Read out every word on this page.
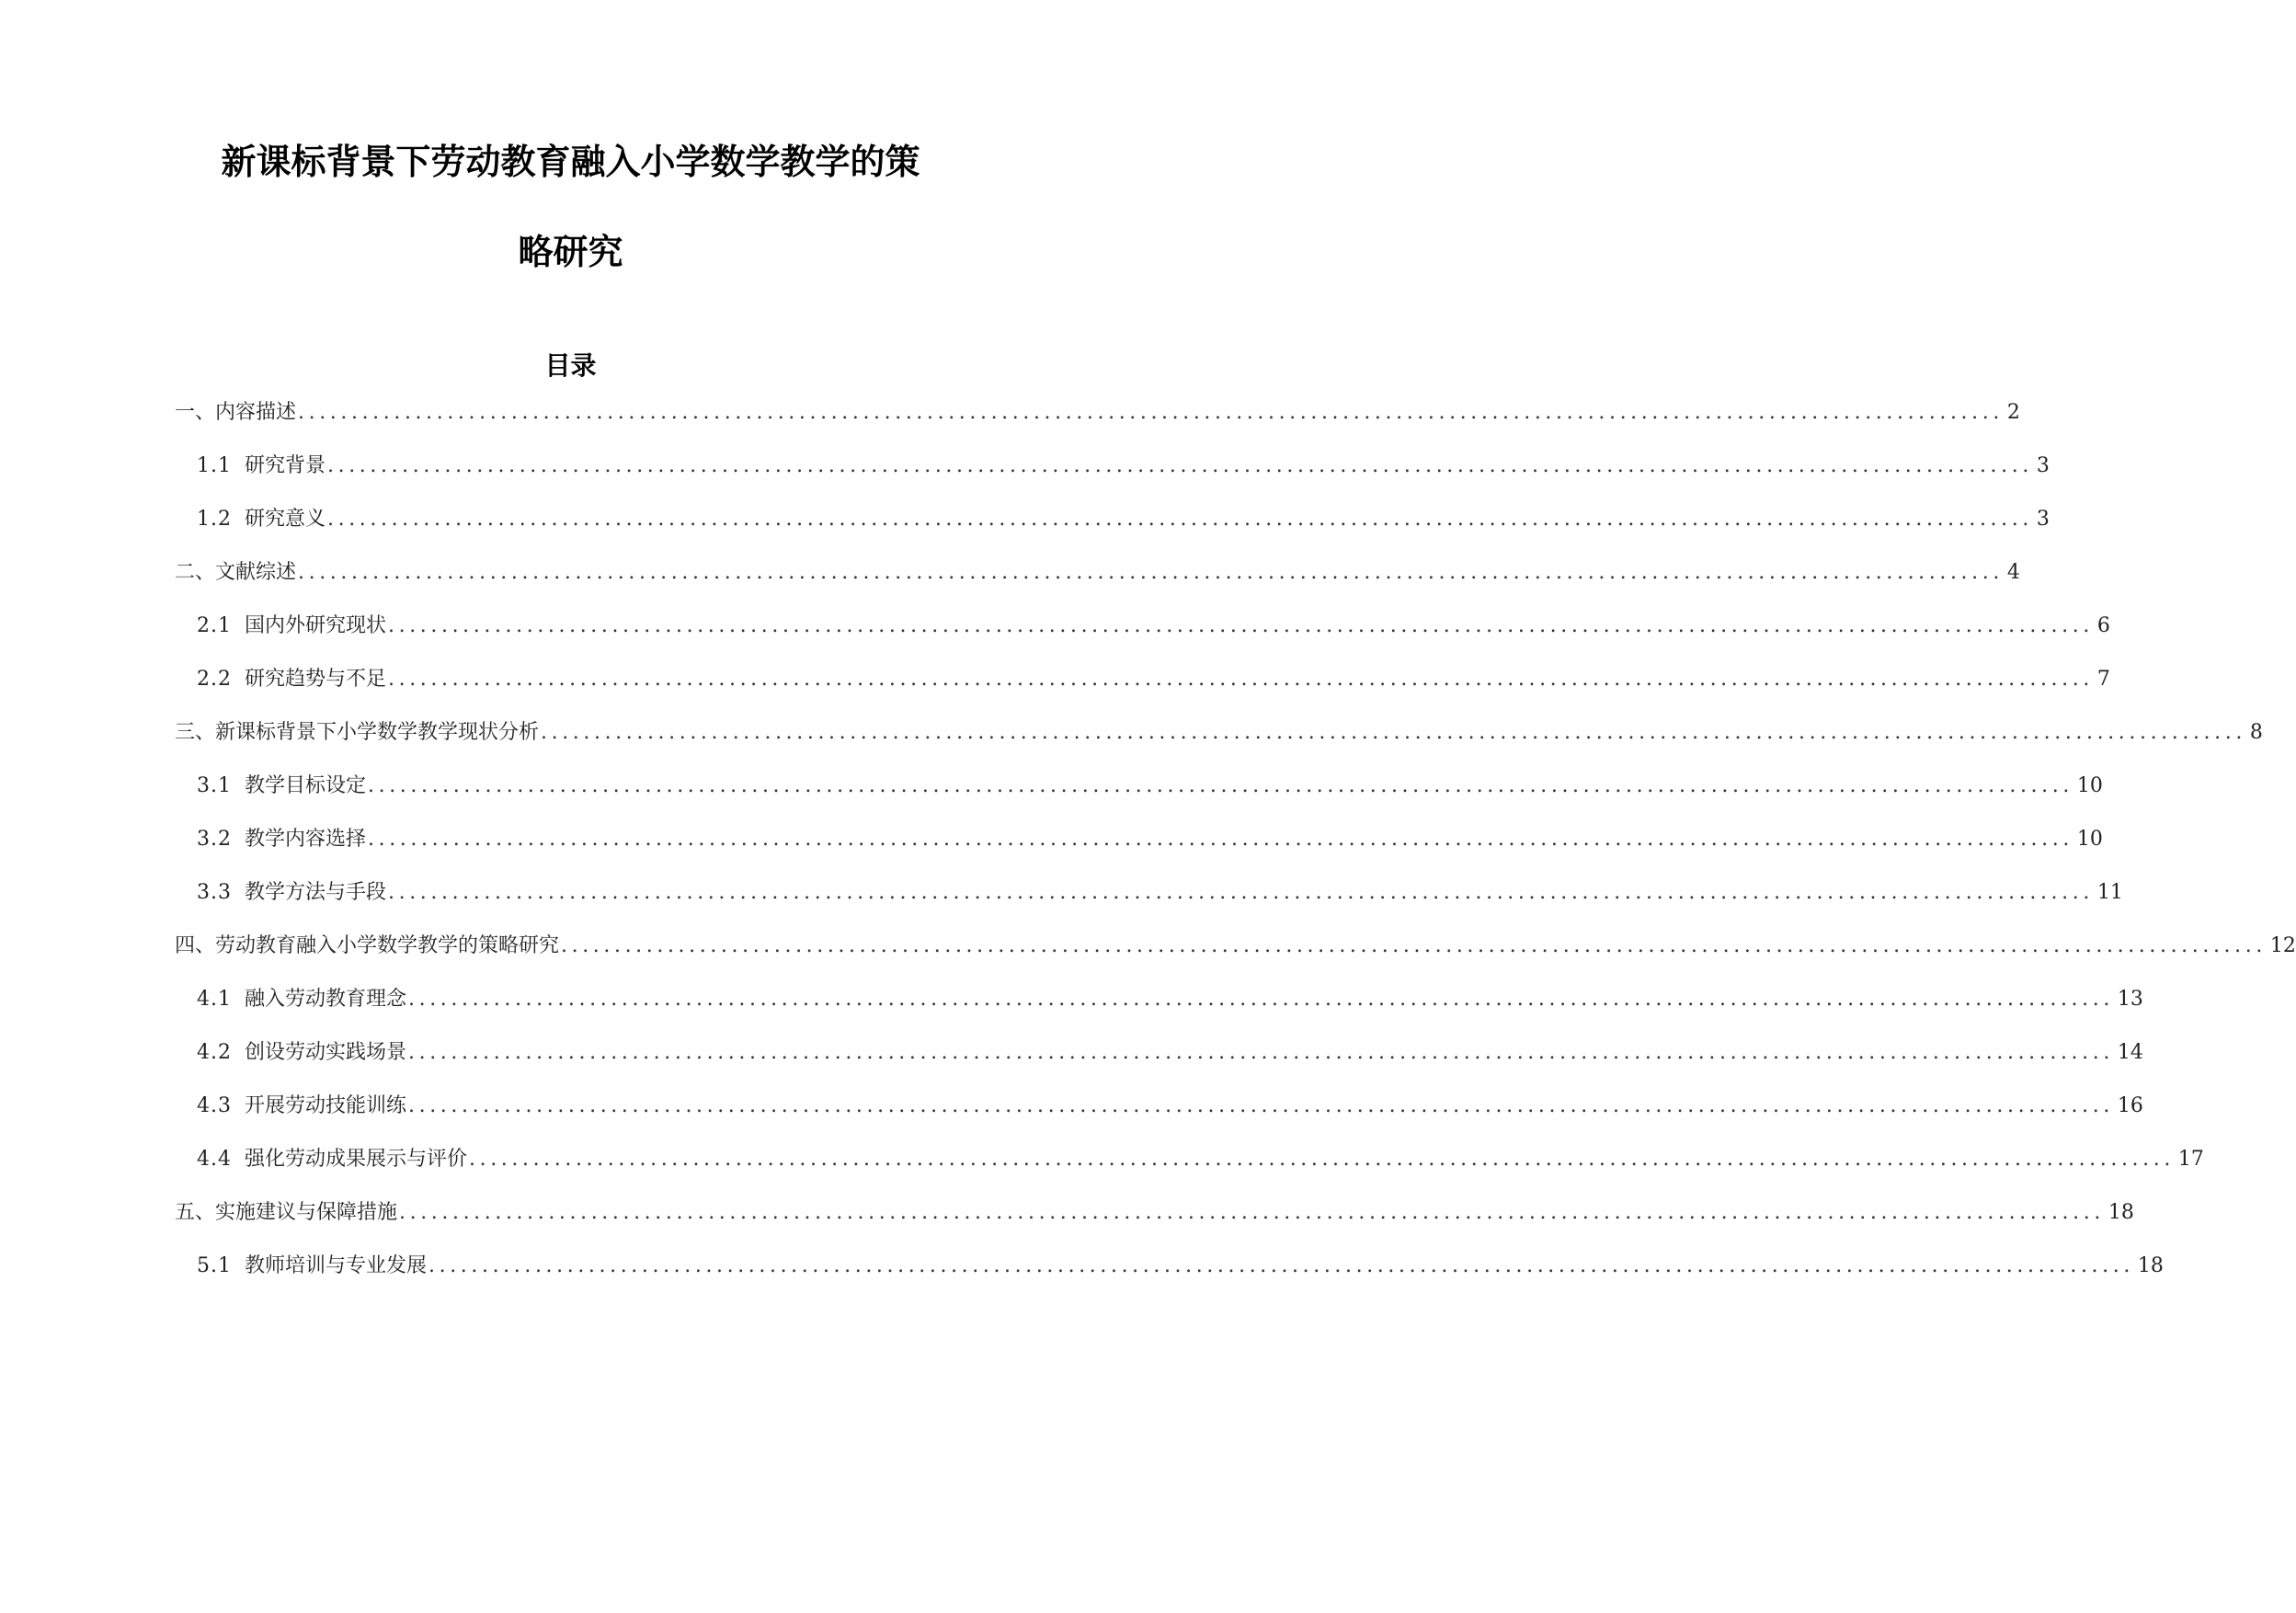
新课标背景下劳动教育融入小学数学教学的策
略研究
目录
一、内容描述 ................................................................................................................................................................ 2
1.1 研究背景 ................................................................................................................................................................ 3
1.2 研究意义 ................................................................................................................................................................ 3
二、文献综述 ................................................................................................................................................................ 4
2.1 国内外研究现状 ................................................................................................................................................................ 6
2.2 研究趋势与不足 ................................................................................................................................................................ 7
三、新课标背景下小学数学教学现状分析 ................................................................................................................................................................ 8
3.1 教学目标设定 ................................................................................................................................................................ 10
3.2 教学内容选择 ................................................................................................................................................................ 10
3.3 教学方法与手段 ................................................................................................................................................................ 11
四、劳动教育融入小学数学教学的策略研究 ................................................................................................................................................................ 12
4.1 融入劳动教育理念 ................................................................................................................................................................ 13
4.2 创设劳动实践场景 ................................................................................................................................................................ 14
4.3 开展劳动技能训练 ................................................................................................................................................................ 16
4.4 强化劳动成果展示与评价 ................................................................................................................................................................ 17
五、实施建议与保障措施 ................................................................................................................................................................ 18
5.1 教师培训与专业发展 ................................................................................................................................................................ 18
